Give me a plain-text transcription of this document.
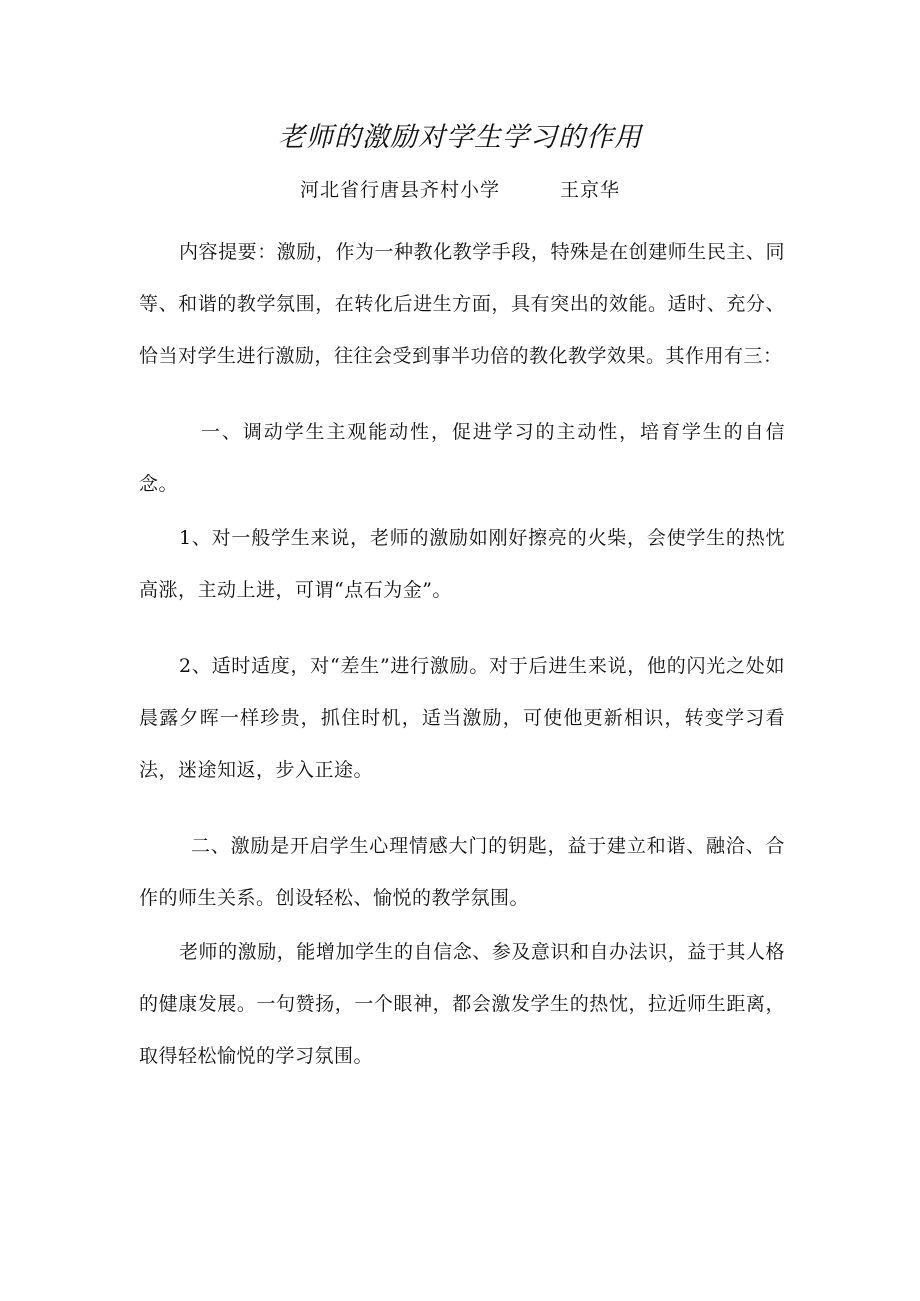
老师的激励对学生学习的作用
河北省行唐县齐村小学	王京华

内容提要：激励，作为一种教化教学手段，特殊是在创建师生民主、同等、和谐的教学氛围，在转化后进生方面，具有突出的效能。适时、充分、恰当对学生进行激励，往往会受到事半功倍的教化教学效果。其作用有三：

一、调动学生主观能动性，促进学习的主动性，培育学生的自信念。

1、对一般学生来说，老师的激励如刚好擦亮的火柴，会使学生的热忱高涨，主动上进，可谓“点石为金”。

2、适时适度，对“差生”进行激励。对于后进生来说，他的闪光之处如晨露夕晖一样珍贵，抓住时机，适当激励，可使他更新相识，转变学习看法，迷途知返，步入正途。

二、激励是开启学生心理情感大门的钥匙，益于建立和谐、融洽、合作的师生关系。创设轻松、愉悦的教学氛围。

老师的激励，能增加学生的自信念、参及意识和自办法识，益于其人格的健康发展。一句赞扬，一个眼神，都会激发学生的热忱，拉近师生距离，取得轻松愉悦的学习氛围。
